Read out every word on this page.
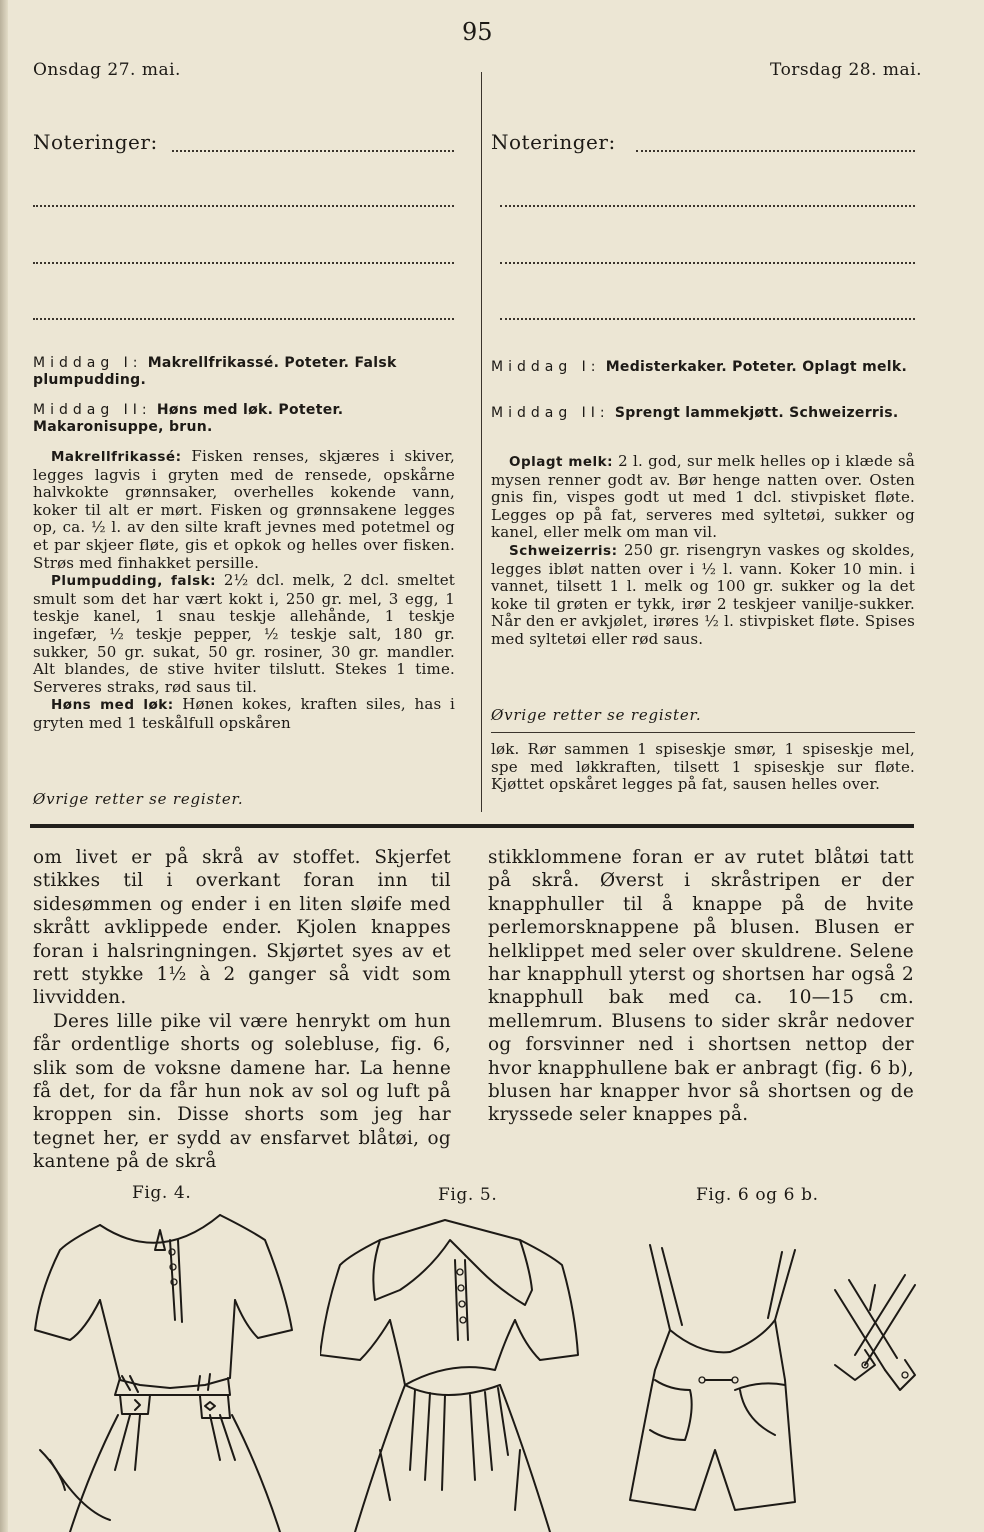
95
Onsdag 27. mai.	Torsdag 28. mai.
Noteringer:	Noteringer:
Middag I: Makrellfrikassé. Poteter. Falsk plumpudding.
Middag II: Høns med løk. Poteter. Makaronisuppe, brun.

Makrellfrikassé: Fisken renses, skjæres i skiver, legges lagvis i gryten med de rensede, opskårne halvkokte grønnsaker, overhelles kokende vann, koker til alt er mørt. Fisken og grønnsakene legges op, ca. ½ l. av den silte kraft jevnes med potetmel og et par skjeer fløte, gis et opkok og helles over fisken. Strøs med finhakket persille.

Plumpudding, falsk: 2½ dcl. melk, 2 dcl. smeltet smult som det har vært kokt i, 250 gr. mel, 3 egg, 1 teskje kanel, 1 snau teskje allehånde, 1 teskje ingefær, ½ teskje pepper, ½ teskje salt, 180 gr. sukker, 50 gr. sukat, 50 gr. rosiner, 30 gr. mandler. Alt blandes, de stive hviter tilslutt. Stekes 1 time. Serveres straks, rød saus til.

Høns med løk: Hønen kokes, kraften siles, has i gryten med 1 teskålfull opskåren

Øvrige retter se register.
Middag I: Medisterkaker. Poteter. Oplagt melk.
Middag II: Sprengt lammekjøtt. Schweizerris.

Oplagt melk: 2 l. god, sur melk helles op i klæde så mysen renner godt av. Bør henge natten over. Osten gnis fin, vispes godt ut med 1 dcl. stivpisket fløte. Legges op på fat, serveres med syltetøi, sukker og kanel, eller melk om man vil.

Schweizerris: 250 gr. risengryn vaskes og skoldes, legges ibløt natten over i ½ l. vann. Koker 10 min. i vannet, tilsett 1 l. melk og 100 gr. sukker og la det koke til grøten er tykk, irør 2 teskjeer vanilje-sukker. Når den er avkjølet, irøres ½ l. stivpisket fløte. Spises med syltetøi eller rød saus.

Øvrige retter se register.
løk. Rør sammen 1 spiseskje smør, 1 spiseskje mel, spe med løkkraften, tilsett 1 spiseskje sur fløte. Kjøttet opskåret legges på fat, sausen helles over.

om livet er på skrå av stoffet. Skjerfet stikkes til i overkant foran inn til sidesømmen og ender i en liten sløife med skrått avklippede ender. Kjolen knappes foran i halsringningen. Skjørtet syes av et rett stykke 1½ à 2 ganger så vidt som livvidden.

Deres lille pike vil være henrykt om hun får ordentlige shorts og solebluse, fig. 6, slik som de voksne damene har. La henne få det, for da får hun nok av sol og luft på kroppen sin. Disse shorts som jeg har tegnet her, er sydd av ensfarvet blåtøi, og kantene på de skrå

stikklommene foran er av rutet blåtøi tatt på skrå. Øverst i skråstripen er der knapphuller til å knappe på de hvite perlemorsknappene på blusen. Blusen er helklippet med seler over skuldrene. Selene har knapphull yterst og shortsen har også 2 knapphull bak med ca. 10—15 cm. mellemrum. Blusens to sider skrår nedover og forsvinner ned i shortsen nettop der hvor knapphullene bak er anbragt (fig. 6 b), blusen har knapper hvor så shortsen og de kryssede seler knappes på.

Fig. 4.	Fig. 5.	Fig. 6 og 6 b.
